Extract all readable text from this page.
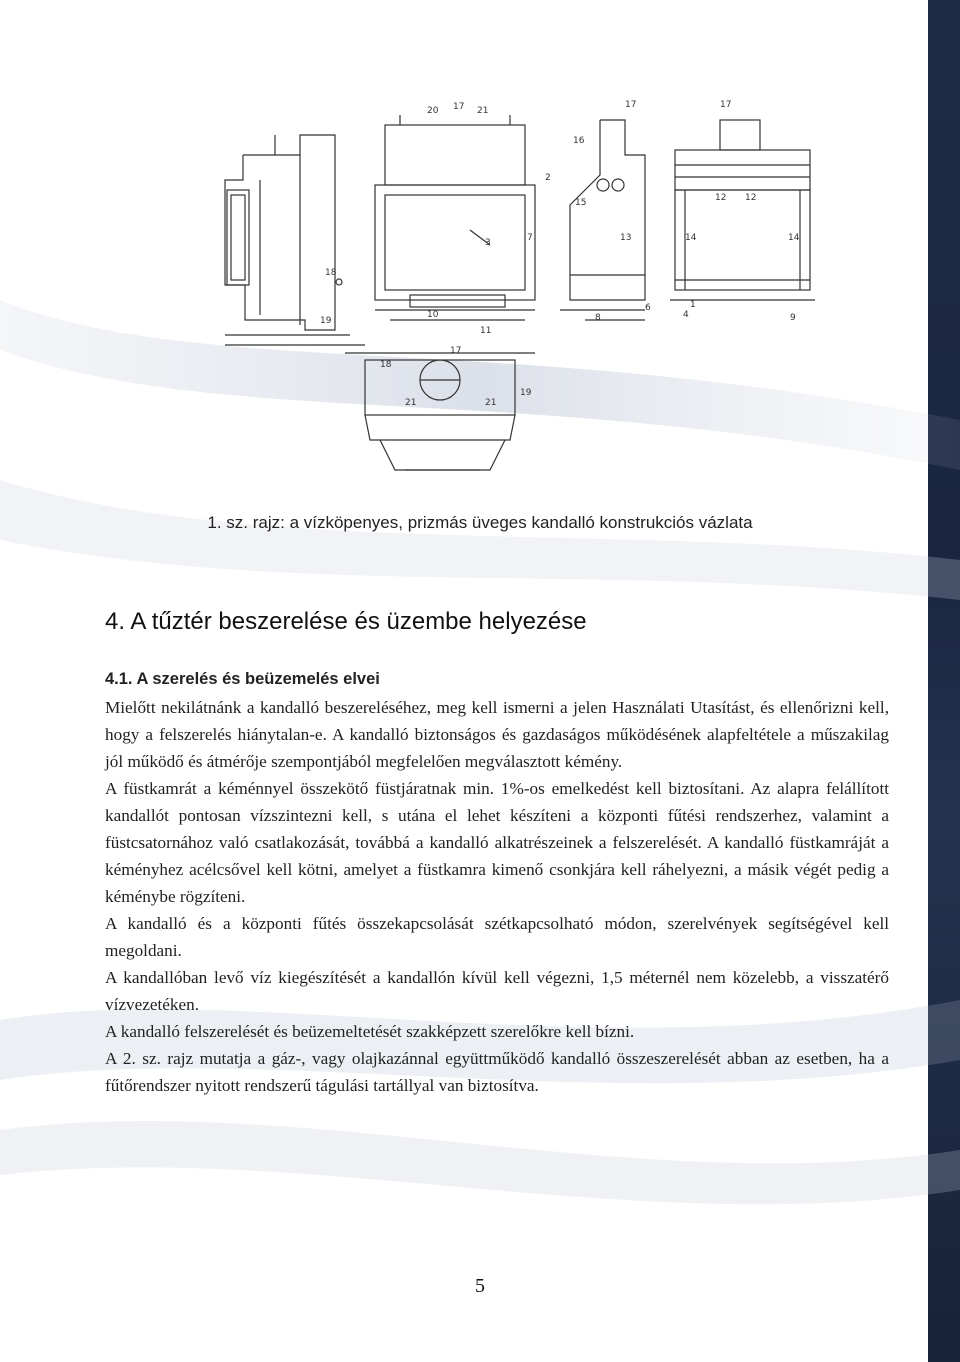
18
19
20 17 21
3	7
10
11
2
16
17
15
13
6
8
17
12 12
14	14
4
1
9
17
18
21	21
19
1. sz. rajz: a vízköpenyes, prizmás üveges kandalló konstrukciós vázlata
4. A tűztér beszerelése és üzembe helyezése
4.1. A szerelés és beüzemelés elvei

Mielőtt nekilátnánk a kandalló beszereléséhez, meg kell ismerni a jelen Használati Utasítást, és ellenőrizni kell, hogy a felszerelés hiánytalan-e. A kandalló biztonságos és gazdaságos működésének alapfeltétele a műszakilag jól működő és átmérője szempontjából megfelelően megválasztott kémény.

A füstkamrát a kéménnyel összekötő füstjáratnak min. 1%-os emelkedést kell biztosítani. Az alapra felállított kandallót pontosan vízszintezni kell, s utána el lehet készíteni a központi fűtési rendszerhez, valamint a füstcsatornához való csatlakozását, továbbá a kandalló alkatrészeinek a felszerelését. A kandalló füstkamráját a kéményhez acélcsővel kell kötni, amelyet a füstkamra kimenő csonkjára kell ráhelyezni, a másik végét pedig a kéménybe rögzíteni.

A kandalló és a központi fűtés összekapcsolását szétkapcsolható módon, szerelvények segítségével kell megoldani.

A kandallóban levő víz kiegészítését a kandallón kívül kell végezni, 1,5 méternél nem közelebb, a visszatérő vízvezetéken.

A kandalló felszerelését és beüzemeltetését szakképzett szerelőkre kell bízni.

A 2. sz. rajz mutatja a gáz-, vagy olajkazánnal együttműködő kandalló összeszerelését abban az esetben, ha a fűtőrendszer nyitott rendszerű tágulási tartállyal van biztosítva.

5
